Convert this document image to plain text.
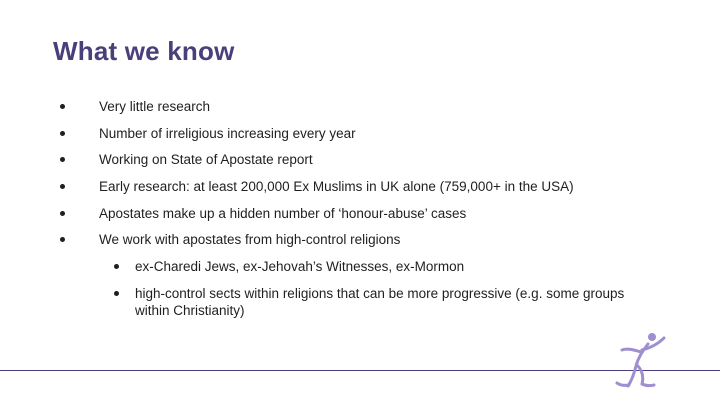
What we know
Very little research
Number of irreligious increasing every year
Working on State of Apostate report
Early research: at least 200,000 Ex Muslims in UK alone (759,000+ in the USA)
Apostates make up a hidden number of ‘honour-abuse’ cases
We work with apostates from high-control religions
ex-Charedi Jews, ex-Jehovah’s Witnesses, ex-Mormon
high-control sects within religions that can be more progressive (e.g. some groups within Christianity)
